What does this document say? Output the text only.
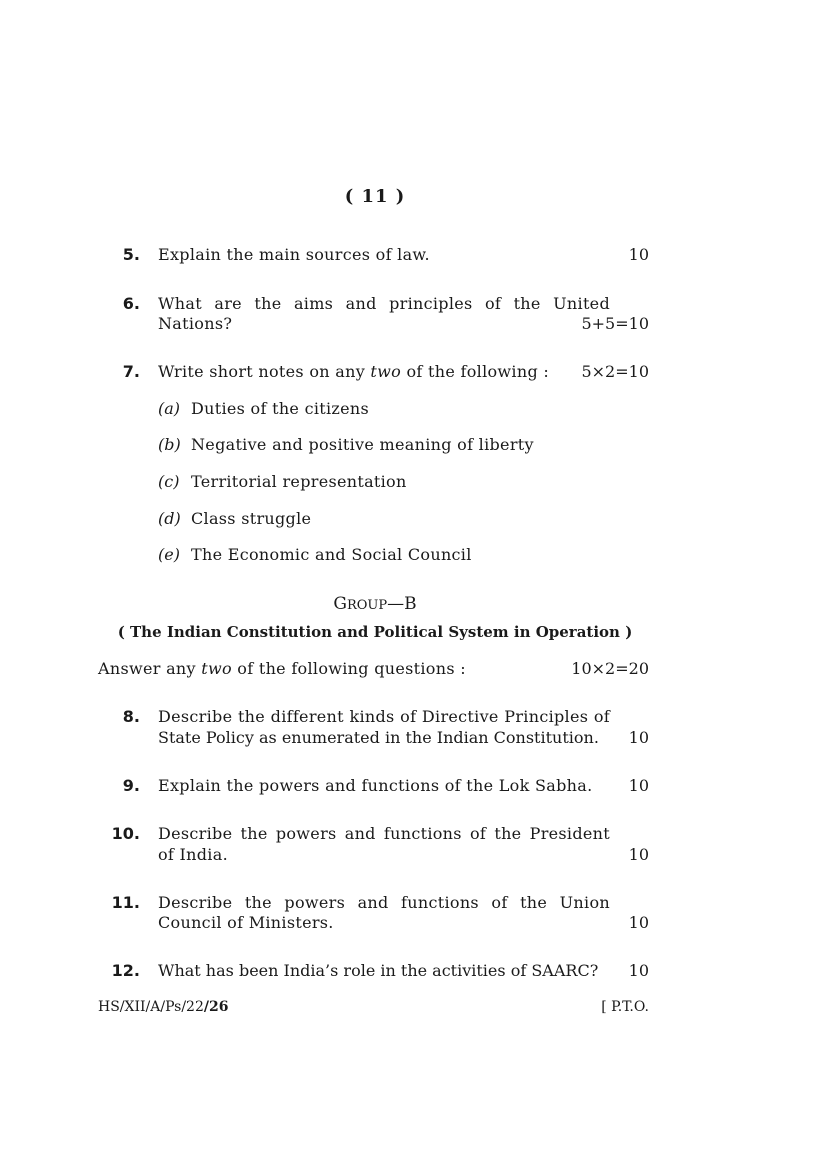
( 11 )
5. Explain the main sources of law.	10
6. What are the aims and principles of the United
Nations?	5+5=10
7. Write short notes on any two of the following : 5×2=10
(a) Duties of the citizens
(b) Negative and positive meaning of liberty
(c) Territorial representation
(d) Class struggle
(e) The Economic and Social Council
GROUP—B
( The Indian Constitution and Political System in Operation )
Answer any two of the following questions :	10×2=20
8. Describe the different kinds of Directive Principles of
State Policy as enumerated in the Indian Constitution. 10
9. Explain the powers and functions of the Lok Sabha. 10
10. Describe the powers and functions of the President
of India.	10
11. Describe the powers and functions of the Union
Council of Ministers.	10
12. What has been India’s role in the activities of SAARC? 10
HS/XII/A/Ps/22/26	[ P.T.O.
